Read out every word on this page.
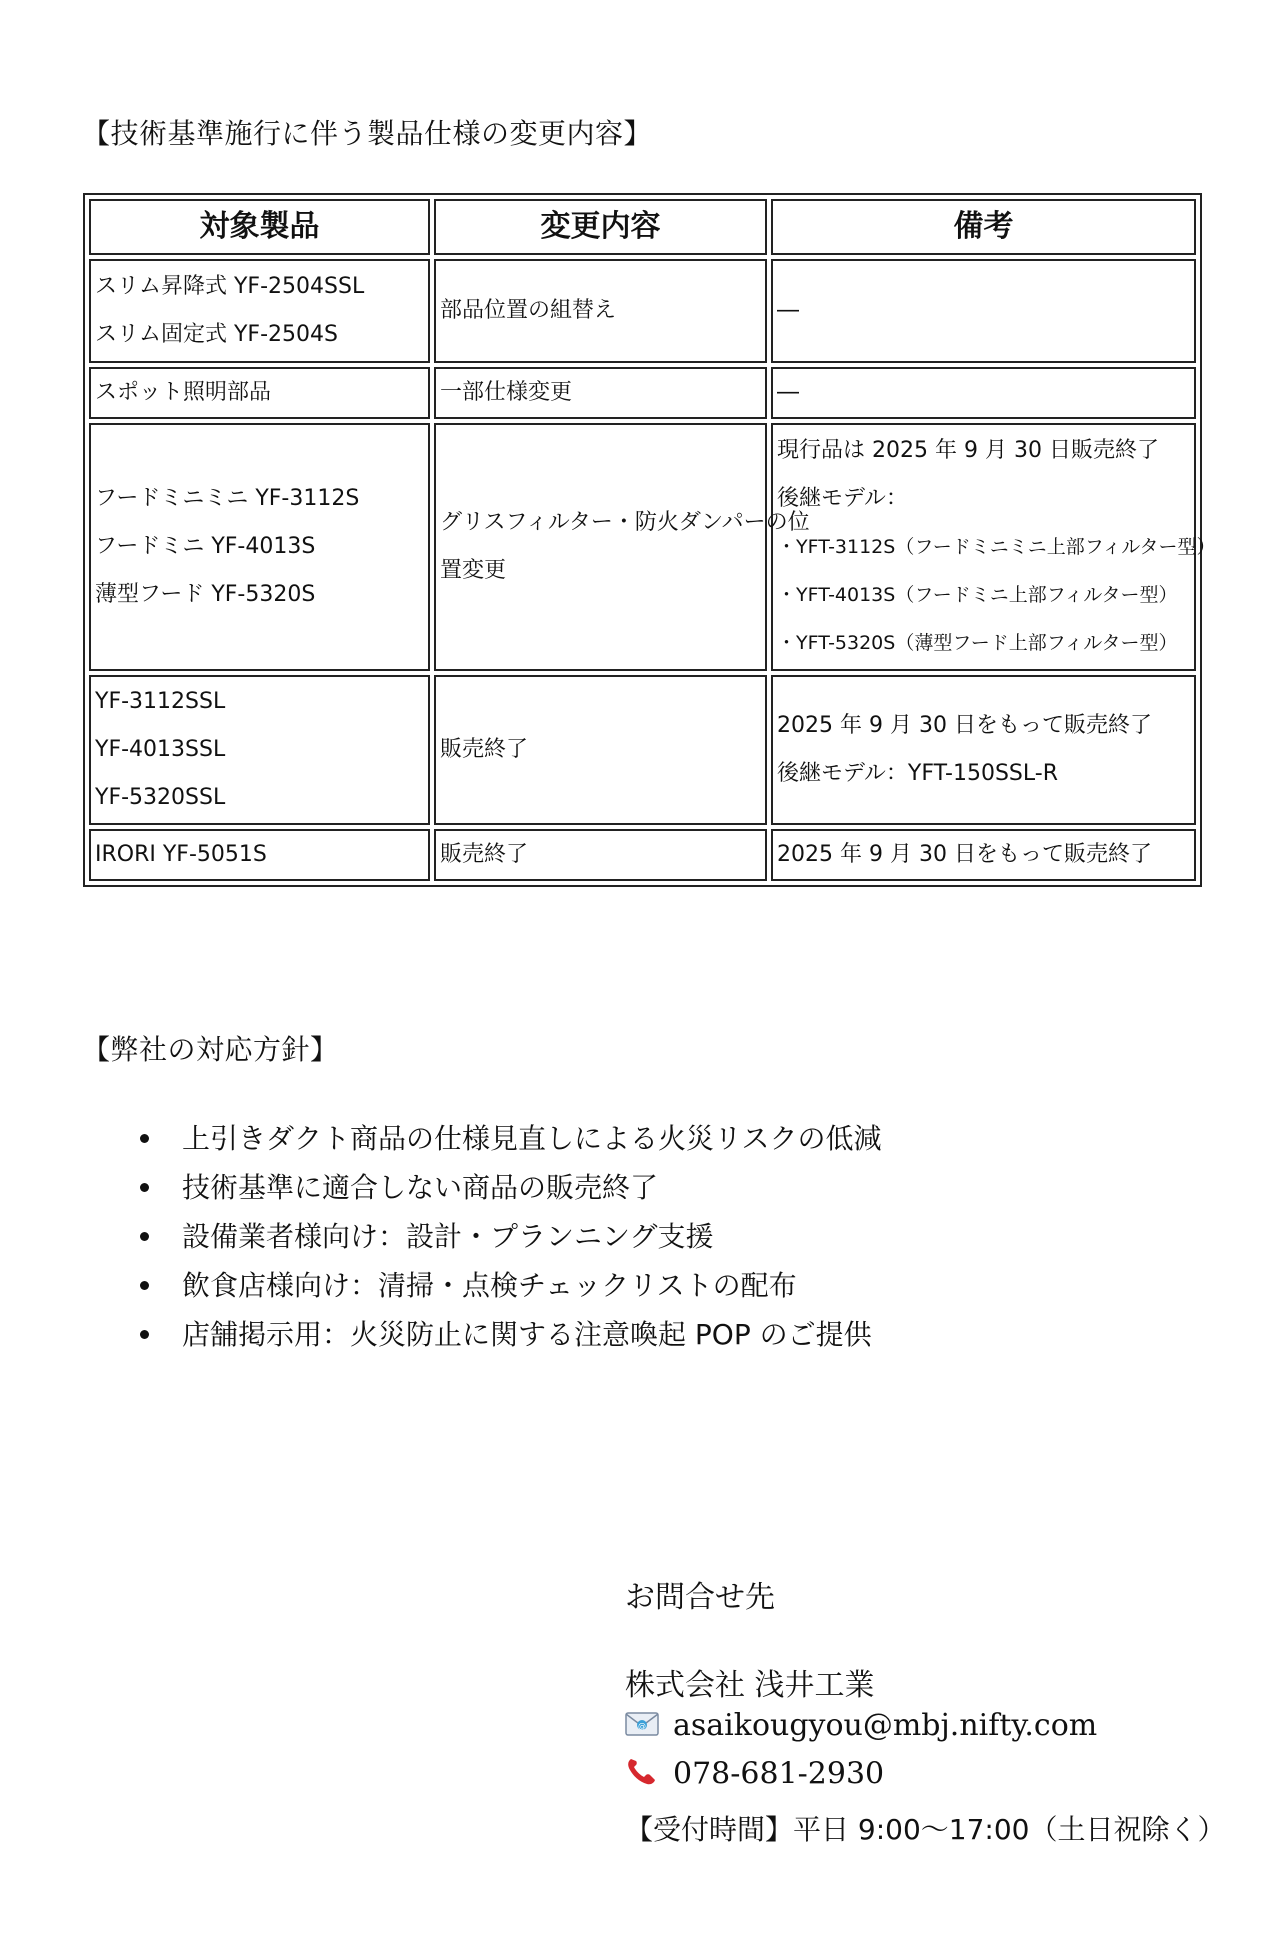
【技術基準施行に伴う製品仕様の変更内容】
対象製品	変更内容	備考

スリム昇降式 YF-2504SSL
スリム固定式 YF-2504S	部品位置の組替え	―

スポット照明部品	一部仕様変更	―

フードミニミニ YF-3112S
フードミニ YF-4013S
薄型フード YF-5320S	グリスフィルター・防火ダンパーの位
置変更	現行品は 2025 年 9 月 30 日販売終了
後継モデル：
・YFT-3112S（フードミニミニ上部フィルター型）
・YFT-4013S（フードミニ上部フィルター型）
・YFT-5320S（薄型フード上部フィルター型）

YF-3112SSL
YF-4013SSL
YF-5320SSL	販売終了	2025 年 9 月 30 日をもって販売終了
後継モデル：YFT-150SSL-R

IRORI YF-5051S	販売終了	2025 年 9 月 30 日をもって販売終了
【弊社の対応方針】
上引きダクト商品の仕様見直しによる火災リスクの低減
技術基準に適合しない商品の販売終了
設備業者様向け：設計・プランニング支援
飲食店様向け：清掃・点検チェックリストの配布
店舗掲示用：火災防止に関する注意喚起 POP のご提供
お問合せ先
株式会社 浅井工業
@ asaikougyou@mbj.nifty.com
078-681-2930
【受付時間】平日 9:00～17:00（土日祝除く）
